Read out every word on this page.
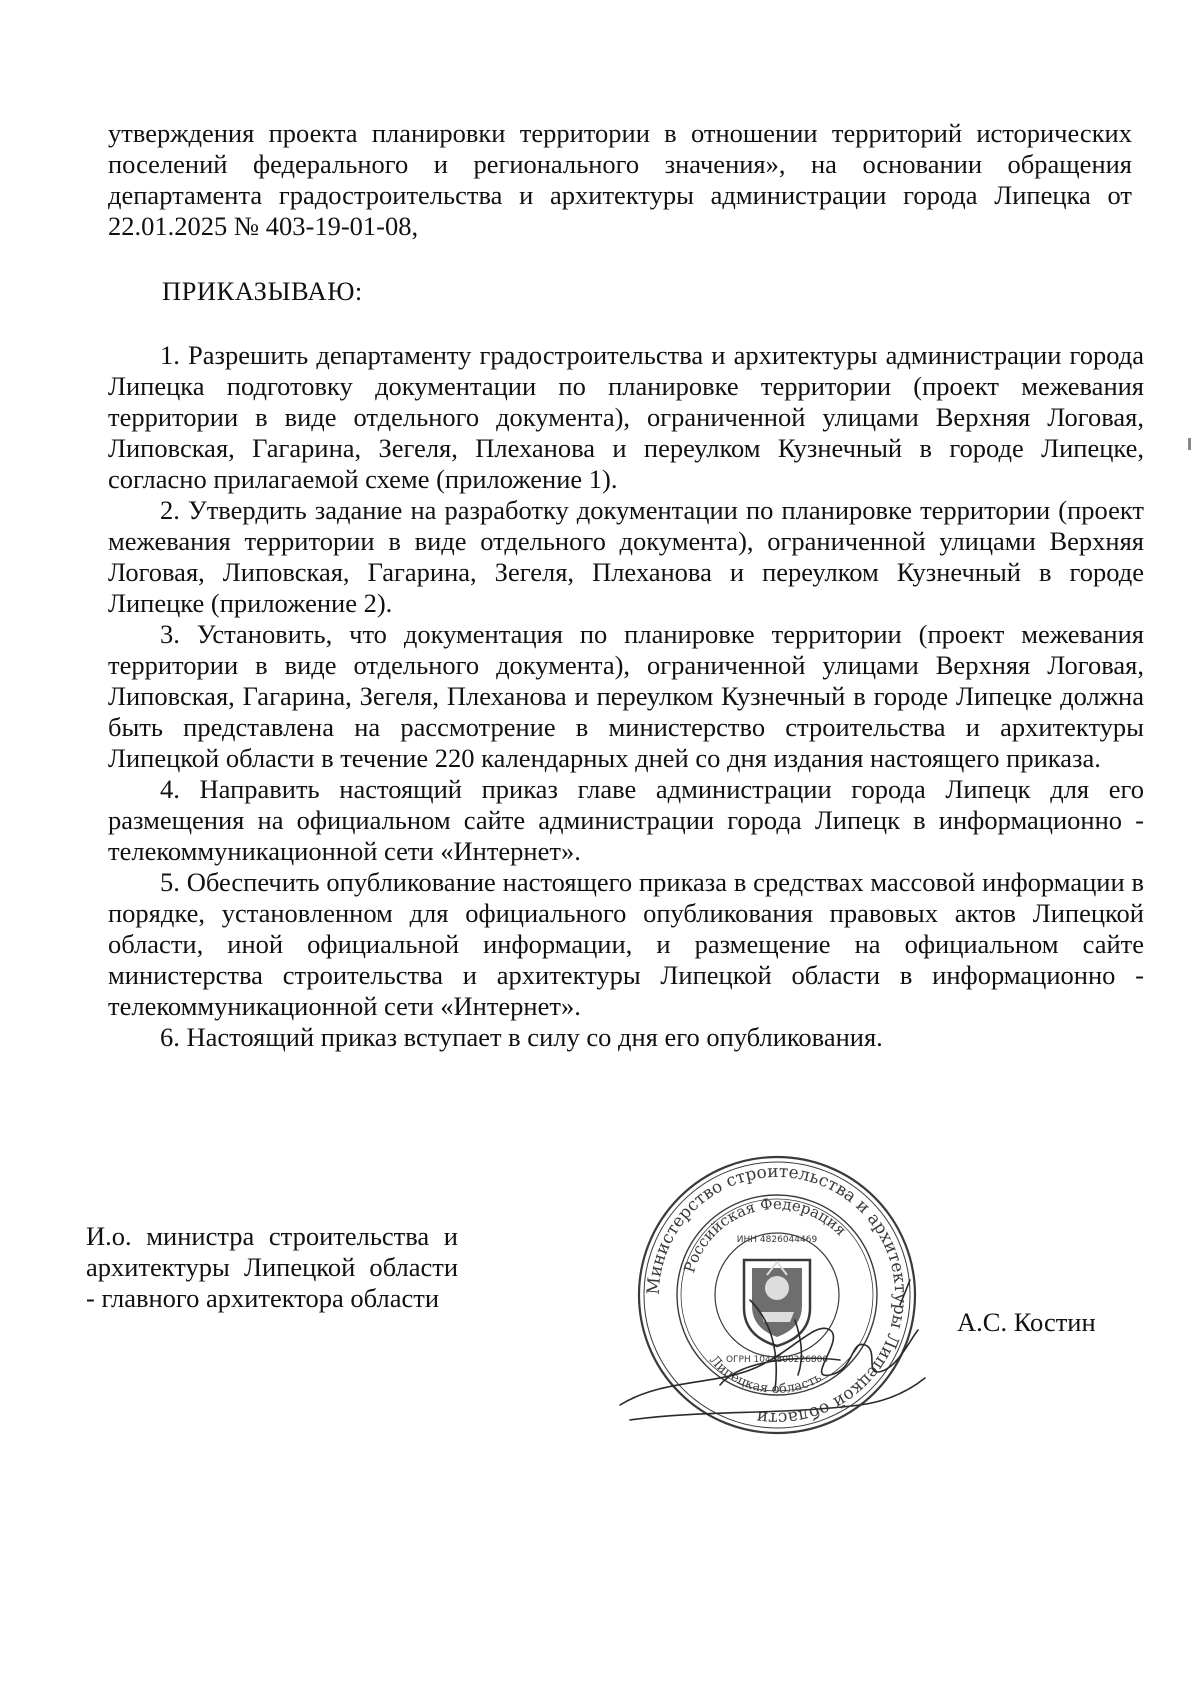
утверждения проекта планировки территории в отношении территорий исторических поселений федерального и регионального значения», на основании обращения департамента градостроительства и архитектуры администрации города Липецка от 22.01.2025 № 403-19-01-08,
ПРИКАЗЫВАЮ:

1. Разрешить департаменту градостроительства и архитектуры администрации города Липецка подготовку документации по планировке территории (проект межевания территории в виде отдельного документа), ограниченной улицами Верхняя Логовая, Липовская, Гагарина, Зегеля, Плеханова и переулком Кузнечный в городе Липецке, согласно прилагаемой схеме (приложение 1).

2. Утвердить задание на разработку документации по планировке территории (проект межевания территории в виде отдельного документа), ограниченной улицами Верхняя Логовая, Липовская, Гагарина, Зегеля, Плеханова и переулком Кузнечный в городе Липецке (приложение 2).

3. Установить, что документация по планировке территории (проект межевания территории в виде отдельного документа), ограниченной улицами Верхняя Логовая, Липовская, Гагарина, Зегеля, Плеханова и переулком Кузнечный в городе Липецке должна быть представлена на рассмотрение в министерство строительства и архитектуры Липецкой области в течение 220 календарных дней со дня издания настоящего приказа.

4. Направить настоящий приказ главе администрации города Липецк для его размещения на официальном сайте администрации города Липецк в информационно - телекоммуникационной сети «Интернет».

5. Обеспечить опубликование настоящего приказа в средствах массовой информации в порядке, установленном для официального опубликования правовых актов Липецкой области, иной официальной информации, и размещение на официальном сайте министерства строительства и архитектуры Липецкой области в информационно - телекоммуникационной сети «Интернет».

6. Настоящий приказ вступает в силу со дня его опубликования.

И.о. министра строительства и архитектуры Липецкой области - главного архитектора области	Министерство строительства и архитектуры Липецкой области
Российская Федерация
Липецкая область
ИНН 4826044469
ОГРН 1044800226806
А.С. Костин
